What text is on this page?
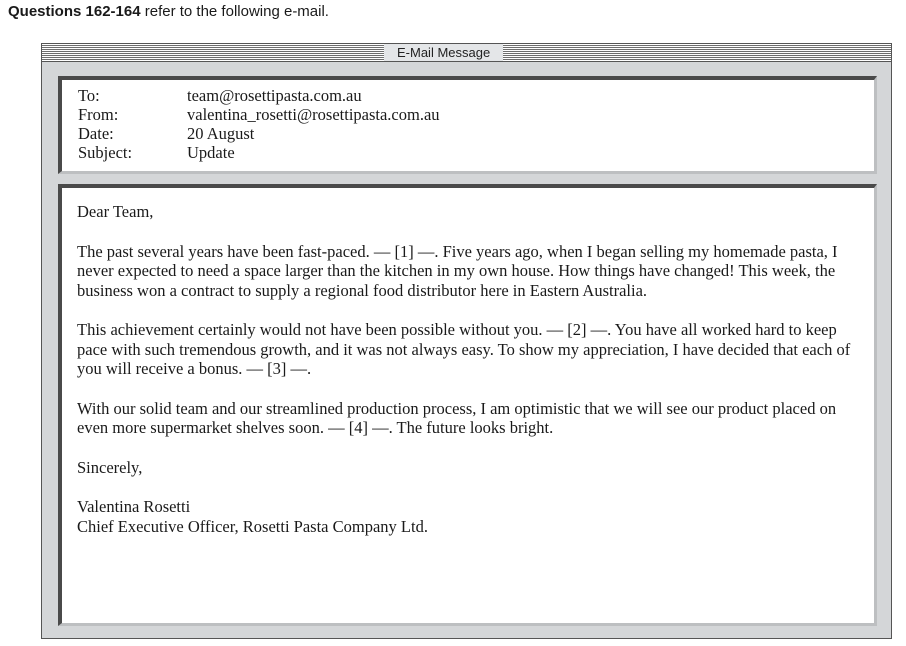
Questions 162-164 refer to the following e-mail.
E-Mail Message
To:	team@rosettipasta.com.au
From:	valentina_rosetti@rosettipasta.com.au
Date:	20 August
Subject:	Update

Dear Team,

The past several years have been fast-paced. — [1] —. Five years ago, when I began selling my homemade pasta, I never expected to need a space larger than the kitchen in my own house. How things have changed! This week, the business won a contract to supply a regional food distributor here in Eastern Australia.

This achievement certainly would not have been possible without you. — [2] —. You have all worked hard to keep pace with such tremendous growth, and it was not always easy. To show my appreciation, I have decided that each of you will receive a bonus. — [3] —.

With our solid team and our streamlined production process, I am optimistic that we will see our product placed on even more supermarket shelves soon. — [4] —. The future looks bright.

Sincerely,

Valentina Rosetti

Chief Executive Officer, Rosetti Pasta Company Ltd.
